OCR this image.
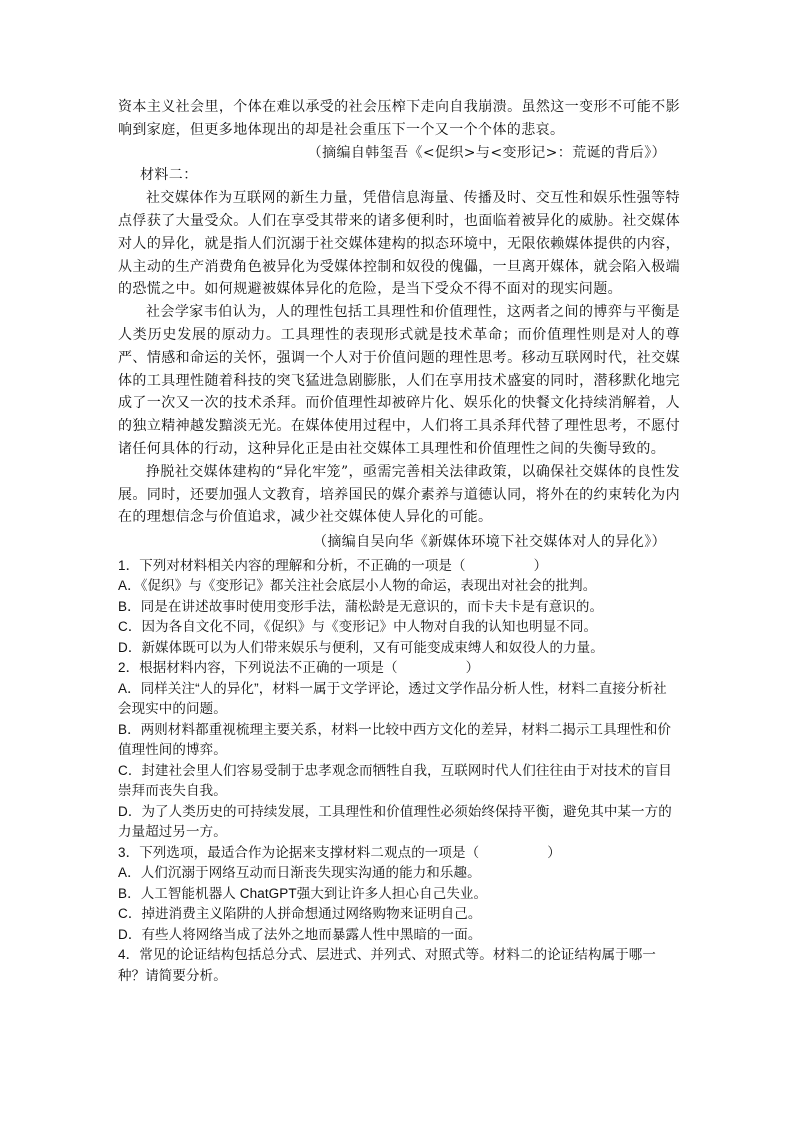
资本主义社会里，个体在难以承受的社会压榨下走向自我崩溃。虽然这一变形不可能不影响到家庭，但更多地体现出的却是社会重压下一个又一个个体的悲哀。

（摘编自韩玺吾《<促织>与<变形记>：荒诞的背后》）

材料二：

社交媒体作为互联网的新生力量，凭借信息海量、传播及时、交互性和娱乐性强等特点俘获了大量受众。人们在享受其带来的诸多便利时，也面临着被异化的威胁。社交媒体对人的异化，就是指人们沉溺于社交媒体建构的拟态环境中，无限依赖媒体提供的内容，从主动的生产消费角色被异化为受媒体控制和奴役的傀儡，一旦离开媒体，就会陷入极端的恐慌之中。如何规避被媒体异化的危险，是当下受众不得不面对的现实问题。

社会学家韦伯认为，人的理性包括工具理性和价值理性，这两者之间的博弈与平衡是人类历史发展的原动力。工具理性的表现形式就是技术革命；而价值理性则是对人的尊严、情感和命运的关怀，强调一个人对于价值问题的理性思考。移动互联网时代，社交媒体的工具理性随着科技的突飞猛进急剧膨胀，人们在享用技术盛宴的同时，潜移默化地完成了一次又一次的技术杀拜。而价值理性却被碎片化、娱乐化的快餐文化持续消解着，人的独立精神越发黯淡无光。在媒体使用过程中，人们将工具杀拜代替了理性思考，不愿付诸任何具体的行动，这种异化正是由社交媒体工具理性和价值理性之间的失衡导致的。

挣脱社交媒体建构的“异化牢笼”，亟需完善相关法律政策，以确保社交媒体的良性发展。同时，还要加强人文教育，培养国民的媒介素养与道德认同，将外在的约束转化为内在的理想信念与价值追求，减少社交媒体使人异化的可能。

（摘编自吴向华《新媒体环境下社交媒体对人的异化》）

1．下列对材料相关内容的理解和分析，不正确的一项是（　　　　　）

A．《促织》与《变形记》都关注社会底层小人物的命运，表现出对社会的批判。

B．同是在讲述故事时使用变形手法，蒲松龄是无意识的，而卡夫卡是有意识的。

C．因为各自文化不同，《促织》与《变形记》中人物对自我的认知也明显不同。

D．新媒体既可以为人们带来娱乐与便利，又有可能变成束缚人和奴役人的力量。

2．根据材料内容，下列说法不正确的一项是（　　　　　）

A．同样关注“人的异化”，材料一属于文学评论，透过文学作品分析人性，材料二直接分析社会现实中的问题。

B．两则材料都重视梳理主要关系，材料一比较中西方文化的差异，材料二揭示工具理性和价值理性间的博弈。

C．封建社会里人们容易受制于忠孝观念而牺牲自我，互联网时代人们往往由于对技术的盲目崇拜而丧失自我。

D．为了人类历史的可持续发展，工具理性和价值理性必须始终保持平衡，避免其中某一方的力量超过另一方。

3．下列选项，最适合作为论据来支撑材料二观点的一项是（　　　　　）

A．人们沉溺于网络互动而日渐丧失现实沟通的能力和乐趣。

B．人工智能机器人 ChatGPT强大到让许多人担心自己失业。

C．掉进消费主义陷阱的人拼命想通过网络购物来证明自己。

D．有些人将网络当成了法外之地而暴露人性中黑暗的一面。

4．常见的论证结构包括总分式、层进式、并列式、对照式等。材料二的论证结构属于哪一种？请简要分析。
